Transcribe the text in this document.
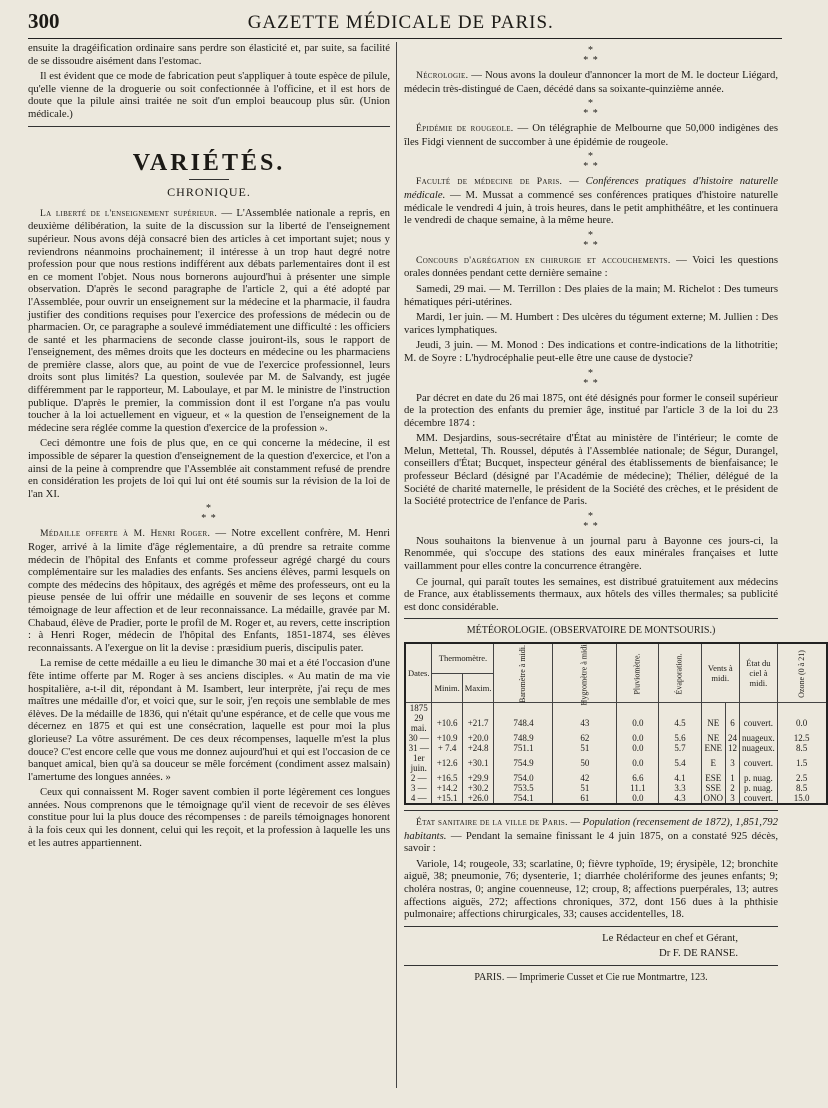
300	GAZETTE MÉDICALE DE PARIS.

ensuite la dragéification ordinaire sans perdre son élasticité et, par suite, sa facilité de se dissoudre aisément dans l'estomac.

Il est évident que ce mode de fabrication peut s'appliquer à toute espèce de pilule, qu'elle vienne de la droguerie ou soit confectionnée à l'officine, et il est hors de doute que la pilule ainsi traitée ne soit d'un emploi beaucoup plus sûr. (Union médicale.)

VARIÉTÉS.
CHRONIQUE.

La liberté de l'enseignement supérieur. — L'Assemblée nationale a repris, en deuxième délibération, la suite de la discussion sur la liberté de l'enseignement supérieur. Nous avons déjà consacré bien des articles à cet important sujet; nous y reviendrons néanmoins prochainement; il intéresse à un trop haut degré notre profession pour que nous restions indifférent aux débats parlementaires dont il est en ce moment l'objet. Nous nous bornerons aujourd'hui à présenter une simple observation. D'après le second paragraphe de l'article 2, qui a été adopté par l'Assemblée, pour ouvrir un enseignement sur la médecine et la pharmacie, il faudra justifier des conditions requises pour l'exercice des professions de médecin ou de pharmacien. Or, ce paragraphe a soulevé immédiatement une difficulté : les officiers de santé et les pharmaciens de seconde classe jouiront-ils, sous le rapport de l'enseignement, des mêmes droits que les docteurs en médecine ou les pharmaciens de première classe, alors que, au point de vue de l'exercice professionnel, leurs droits sont plus limités? La question, soulevée par M. de Salvandy, est jugée différemment par le rapporteur, M. Laboulaye, et par M. le ministre de l'instruction publique. D'après le premier, la commission dont il est l'organe n'a pas voulu toucher à la loi actuellement en vigueur, et « la question de l'enseignement de la médecine sera réglée comme la question d'exercice de la profession ».

Ceci démontre une fois de plus que, en ce qui concerne la médecine, il est impossible de séparer la question d'enseignement de la question d'exercice, et l'on a ainsi de la peine à comprendre que l'Assemblée ait constamment refusé de prendre en considération les projets de loi qui lui ont été soumis sur la révision de la loi de l'an XI.

*
* *

Médaille offerte à M. Henri Roger. — Notre excellent confrère, M. Henri Roger, arrivé à la limite d'âge réglementaire, a dû prendre sa retraite comme médecin de l'hôpital des Enfants et comme professeur agrégé chargé du cours complémentaire sur les maladies des enfants. Ses anciens élèves, parmi lesquels on compte des médecins des hôpitaux, des agrégés et même des professeurs, ont eu la pieuse pensée de lui offrir une médaille en souvenir de ses leçons et comme témoignage de leur affection et de leur reconnaissance. La médaille, gravée par M. Chabaud, élève de Pradier, porte le profil de M. Roger et, au revers, cette inscription : à Henri Roger, médecin de l'hôpital des Enfants, 1851-1874, ses élèves reconnaissants. A l'exergue on lit la devise : præsidium pueris, discipulis pater.

La remise de cette médaille a eu lieu le dimanche 30 mai et a été l'occasion d'une fête intime offerte par M. Roger à ses anciens disciples. « Au matin de ma vie hospitalière, a-t-il dit, répondant à M. Isambert, leur interprète, j'ai reçu de mes maîtres une médaille d'or, et voici que, sur le soir, j'en reçois une semblable de mes élèves. De la médaille de 1836, qui n'était qu'une espérance, et de celle que vous me décernez en 1875 et qui est une consécration, laquelle est pour moi la plus glorieuse? La vôtre assurément. De ces deux récompenses, laquelle m'est la plus douce? C'est encore celle que vous me donnez aujourd'hui et qui est l'occasion de ce banquet amical, bien qu'à sa douceur se mêle forcément (condiment assez malsain) l'amertume des longues années. »

Ceux qui connaissent M. Roger savent combien il porte légèrement ces longues années. Nous comprenons que le témoignage qu'il vient de recevoir de ses élèves constitue pour lui la plus douce des récompenses : de pareils témoignages honorent à la fois ceux qui les donnent, celui qui les reçoit, et la profession à laquelle les uns et les autres appartiennent.

*
* *

Nécrologie. — Nous avons la douleur d'annoncer la mort de M. le docteur Liégard, médecin très-distingué de Caen, décédé dans sa soixante-quinzième année.

*
* *

Épidémie de rougeole. — On télégraphie de Melbourne que 50,000 indigènes des îles Fidgi viennent de succomber à une épidémie de rougeole.

*
* *

Faculté de médecine de Paris. — Conférences pratiques d'histoire naturelle médicale. — M. Mussat a commencé ses conférences pratiques d'histoire naturelle médicale le vendredi 4 juin, à trois heures, dans le petit amphithéâtre, et les continuera le vendredi de chaque semaine, à la même heure.

*
* *

Concours d'agrégation en chirurgie et accouchements. — Voici les questions orales données pendant cette dernière semaine :

Samedi, 29 mai. — M. Terrillon : Des plaies de la main; M. Richelot : Des tumeurs hématiques péri-utérines.

Mardi, 1er juin. — M. Humbert : Des ulcères du tégument externe; M. Jullien : Des varices lymphatiques.

Jeudi, 3 juin. — M. Monod : Des indications et contre-indications de la lithotritie; M. de Soyre : L'hydrocéphalie peut-elle être une cause de dystocie?

*
* *

Par décret en date du 26 mai 1875, ont été désignés pour former le conseil supérieur de la protection des enfants du premier âge, institué par l'article 3 de la loi du 23 décembre 1874 :

MM. Desjardins, sous-secrétaire d'État au ministère de l'intérieur; le comte de Melun, Mettetal, Th. Roussel, députés à l'Assemblée nationale; de Ségur, Durangel, conseillers d'État; Bucquet, inspecteur général des établissements de bienfaisance; le professeur Béclard (désigné par l'Académie de médecine); Thélier, délégué de la Société de charité maternelle, le président de la Société des crèches, et le président de la Société protectrice de l'enfance de Paris.

*
* *

Nous souhaitons la bienvenue à un journal paru à Bayonne ces jours-ci, la Renommée, qui s'occupe des stations des eaux minérales françaises et lutte vaillamment pour elles contre la concurrence étrangère.

Ce journal, qui paraît toutes les semaines, est distribué gratuitement aux médecins de France, aux établissements thermaux, aux hôtels des villes thermales; sa publicité est donc considérable.

MÉTÉOROLOGIE. (OBSERVATOIRE DE MONTSOURIS.)
Dates.	Thermomètre.		Baromètre à midi.	Hygromètre à midi.	Pluviomètre.	Évaporation.	Vents à midi.		État du ciel à midi.	Ozone (0 à 21)
	Minim.	Maxim.								
1875										
29 mai.	+10.6	+21.7	748.4	43	0.0	4.5	NE	6	couvert.	0.0
30 —	+10.9	+20.0	748.9	62	0.0	5.6	NE	24	nuageux.	12.5
31 —	+ 7.4	+24.8	751.1	51	0.0	5.7	ENE	12	nuageux.	8.5
1er juin.	+12.6	+30.1	754.9	50	0.0	5.4	E	3	couvert.	1.5
2 —	+16.5	+29.9	754.0	42	6.6	4.1	ESE	1	p. nuag.	2.5
3 —	+14.2	+30.2	753.5	51	11.1	3.3	SSE	2	p. nuag.	8.5
4 —	+15.1	+26.0	754.1	61	0.0	4.3	ONO	3	couvert.	15.0

État sanitaire de la ville de Paris. — Population (recensement de 1872), 1,851,792 habitants. — Pendant la semaine finissant le 4 juin 1875, on a constaté 925 décès, savoir :

Variole, 14; rougeole, 33; scarlatine, 0; fièvre typhoïde, 19; érysipèle, 12; bronchite aiguë, 38; pneumonie, 76; dysenterie, 1; diarrhée cholériforme des jeunes enfants; 9; choléra nostras, 0; angine couenneuse, 12; croup, 8; affections puerpérales, 13; autres affections aiguës, 272; affections chroniques, 372, dont 156 dues à la phthisie pulmonaire; affections chirurgicales, 33; causes accidentelles, 18.

Le Rédacteur en chef et Gérant,

Dr F. DE RANSE.

PARIS. — Imprimerie Cusset et Cie rue Montmartre, 123.
